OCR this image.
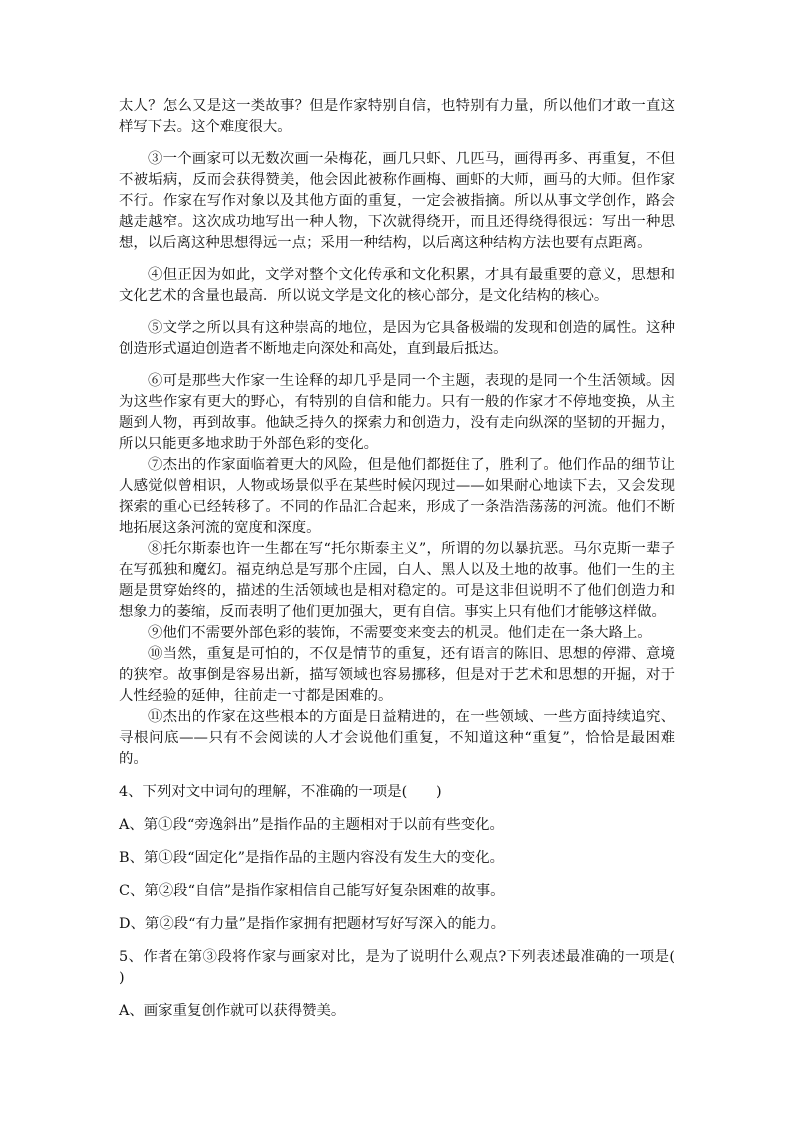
太人？怎么又是这一类故事？但是作家特别自信，也特别有力量，所以他们才敢一直这样写下去。这个难度很大。

③一个画家可以无数次画一朵梅花，画几只虾、几匹马，画得再多、再重复，不但不被垢病，反而会获得赞美，他会因此被称作画梅、画虾的大师，画马的大师。但作家不行。作家在写作对象以及其他方面的重复，一定会被指摘。所以从事文学创作，路会越走越窄。这次成功地写出一种人物，下次就得绕开，而且还得绕得很远：写出一种思想，以后离这种思想得远一点；采用一种结构，以后离这种结构方法也要有点距离。

④但正因为如此，文学对整个文化传承和文化积累，才具有最重要的意义，思想和文化艺术的含量也最高．所以说文学是文化的核心部分，是文化结构的核心。

⑤文学之所以具有这种崇高的地位，是因为它具备极端的发现和创造的属性。这种创造形式逼迫创造者不断地走向深处和高处，直到最后抵达。

⑥可是那些大作家一生诠释的却几乎是同一个主题，表现的是同一个生活领域。因为这些作家有更大的野心，有特别的自信和能力。只有一般的作家才不停地变换，从主题到人物，再到故事。他缺乏持久的探索力和创造力，没有走向纵深的坚韧的开掘力，所以只能更多地求助于外部色彩的变化。

⑦杰出的作家面临着更大的风险，但是他们都挺住了，胜利了。他们作品的细节让人感觉似曾相识，人物或场景似乎在某些时候闪现过——如果耐心地读下去，又会发现探索的重心已经转移了。不同的作品汇合起来，形成了一条浩浩荡荡的河流。他们不断地拓展这条河流的宽度和深度。

⑧托尔斯泰也许一生都在写“托尔斯泰主义”，所谓的勿以暴抗恶。马尔克斯一辈子在写孤独和魔幻。福克纳总是写那个庄园，白人、黑人以及土地的故事。他们一生的主题是贯穿始终的，描述的生活领域也是相对稳定的。可是这非但说明不了他们创造力和想象力的萎缩，反而表明了他们更加强大，更有自信。事实上只有他们才能够这样做。

⑨他们不需要外部色彩的装饰，不需要变来变去的机灵。他们走在一条大路上。

⑩当然，重复是可怕的，不仅是情节的重复，还有语言的陈旧、思想的停滞、意境的狭窄。故事倒是容易出新，描写领域也容易挪移，但是对于艺术和思想的开掘，对于人性经验的延伸，往前走一寸都是困难的。

⑪杰出的作家在这些根本的方面是日益精进的，在一些领域、一些方面持续追究、寻根问底——只有不会阅读的人才会说他们重复，不知道这种“重复”，恰恰是最困难的。

4、下列对文中词句的理解，不准确的一项是(　　)

A、第①段“旁逸斜出”是指作品的主题相对于以前有些变化。

B、第①段“固定化”是指作品的主题内容没有发生大的变化。

C、第②段“自信”是指作家相信自己能写好复杂困难的故事。

D、第②段“有力量”是指作家拥有把题材写好写深入的能力。

5、作者在第③段将作家与画家对比，是为了说明什么观点?下列表述最准确的一项是(　　)

A、画家重复创作就可以获得赞美。
